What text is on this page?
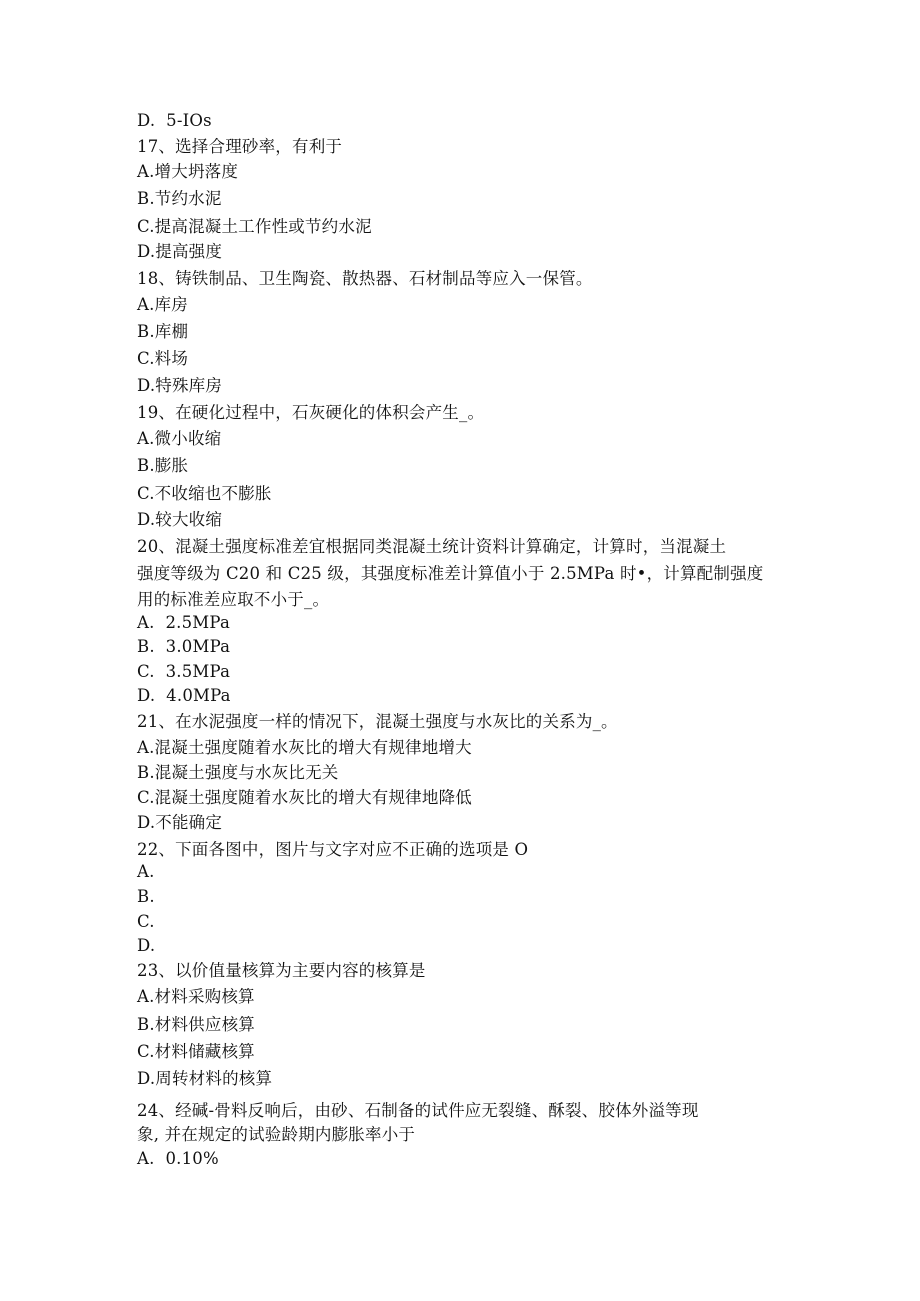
D.  5-IOs

17、选择合理砂率，有利于

A.增大坍落度

B.节约水泥

C.提高混凝土工作性或节约水泥

D.提高强度

18、铸铁制品、卫生陶瓷、散热器、石材制品等应入一保管。

A.库房

B.库棚

C.料场

D.特殊库房

19、在硬化过程中，石灰硬化的体积会产生_。

A.微小收缩

B.膨胀

C.不收缩也不膨胀

D.较大收缩

20、混凝土强度标准差宜根据同类混凝土统计资料计算确定，计算时，当混凝土

强度等级为 C20 和 C25 级，其强度标准差计算值小于 2.5MPa 时•，计算配制强度

用的标准差应取不小于_。

A.  2.5MPa

B.  3.0MPa

C.  3.5MPa

D.  4.0MPa

21、在水泥强度一样的情况下，混凝土强度与水灰比的关系为_。

A.混凝土强度随着水灰比的增大有规律地增大

B.混凝土强度与水灰比无关

C.混凝土强度随着水灰比的增大有规律地降低

D.不能确定

22、下面各图中，图片与文字对应不正确的选项是 O

A.

B.

C.

D.

23、以价值量核算为主要内容的核算是

A.材料采购核算

B.材料供应核算

C.材料储藏核算

D.周转材料的核算

24、经碱-骨料反响后，由砂、石制备的试件应无裂缝、酥裂、胶体外溢等现

象, 并在规定的试验龄期内膨胀率小于

A.  0.10%
